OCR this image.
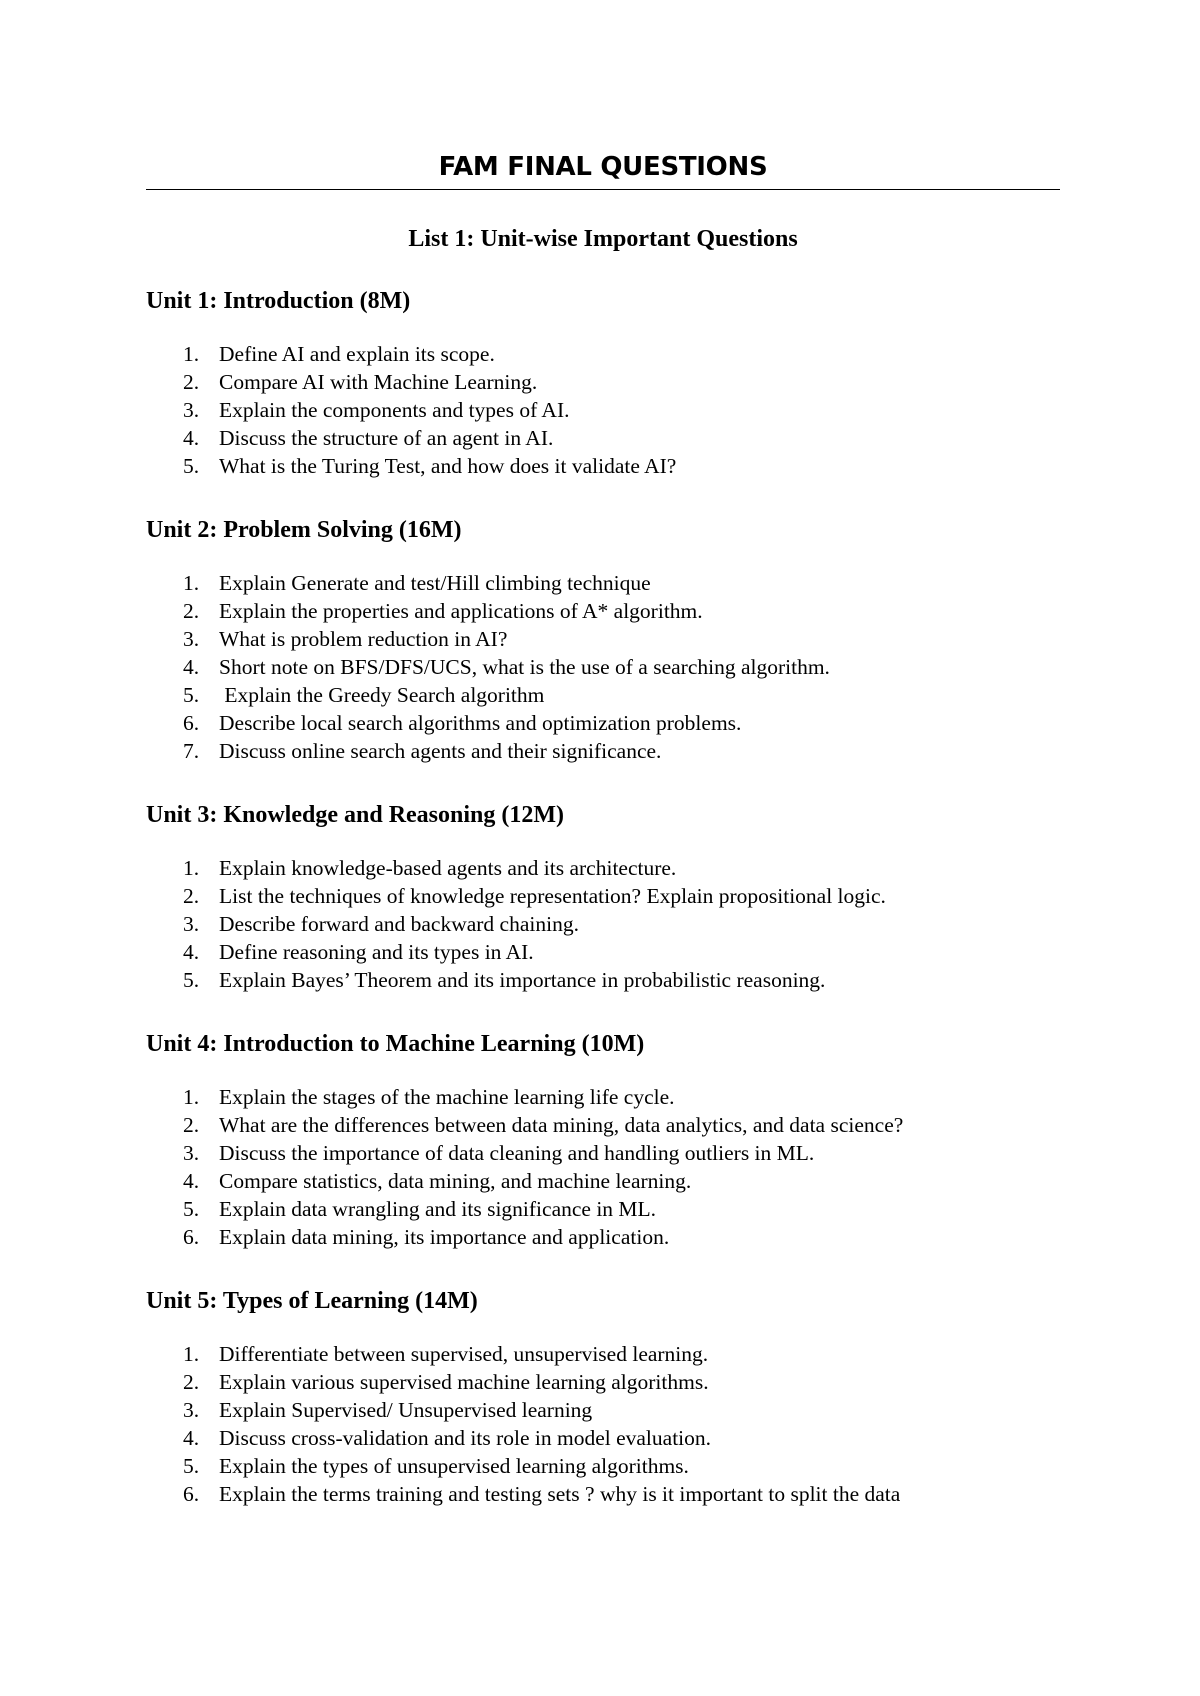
FAM FINAL QUESTIONS
List 1: Unit-wise Important Questions
Unit 1: Introduction (8M)
1. Define AI and explain its scope.
2. Compare AI with Machine Learning.
3. Explain the components and types of AI.
4. Discuss the structure of an agent in AI.
5. What is the Turing Test, and how does it validate AI?
Unit 2: Problem Solving (16M)
1. Explain Generate and test/Hill climbing technique
2. Explain the properties and applications of A* algorithm.
3. What is problem reduction in AI?
4. Short note on BFS/DFS/UCS, what is the use of a searching algorithm.
5. Explain the Greedy Search algorithm
6. Describe local search algorithms and optimization problems.
7. Discuss online search agents and their significance.
Unit 3: Knowledge and Reasoning (12M)
1. Explain knowledge-based agents and its architecture.
2. List the techniques of knowledge representation? Explain propositional logic.
3. Describe forward and backward chaining.
4. Define reasoning and its types in AI.
5. Explain Bayes’ Theorem and its importance in probabilistic reasoning.
Unit 4: Introduction to Machine Learning (10M)
1. Explain the stages of the machine learning life cycle.
2. What are the differences between data mining, data analytics, and data science?
3. Discuss the importance of data cleaning and handling outliers in ML.
4. Compare statistics, data mining, and machine learning.
5. Explain data wrangling and its significance in ML.
6. Explain data mining, its importance and application.
Unit 5: Types of Learning (14M)
1. Differentiate between supervised, unsupervised learning.
2. Explain various supervised machine learning algorithms.
3. Explain Supervised/ Unsupervised learning
4. Discuss cross-validation and its role in model evaluation.
5. Explain the types of unsupervised learning algorithms.
6. Explain the terms training and testing sets ? why is it important to split the data
